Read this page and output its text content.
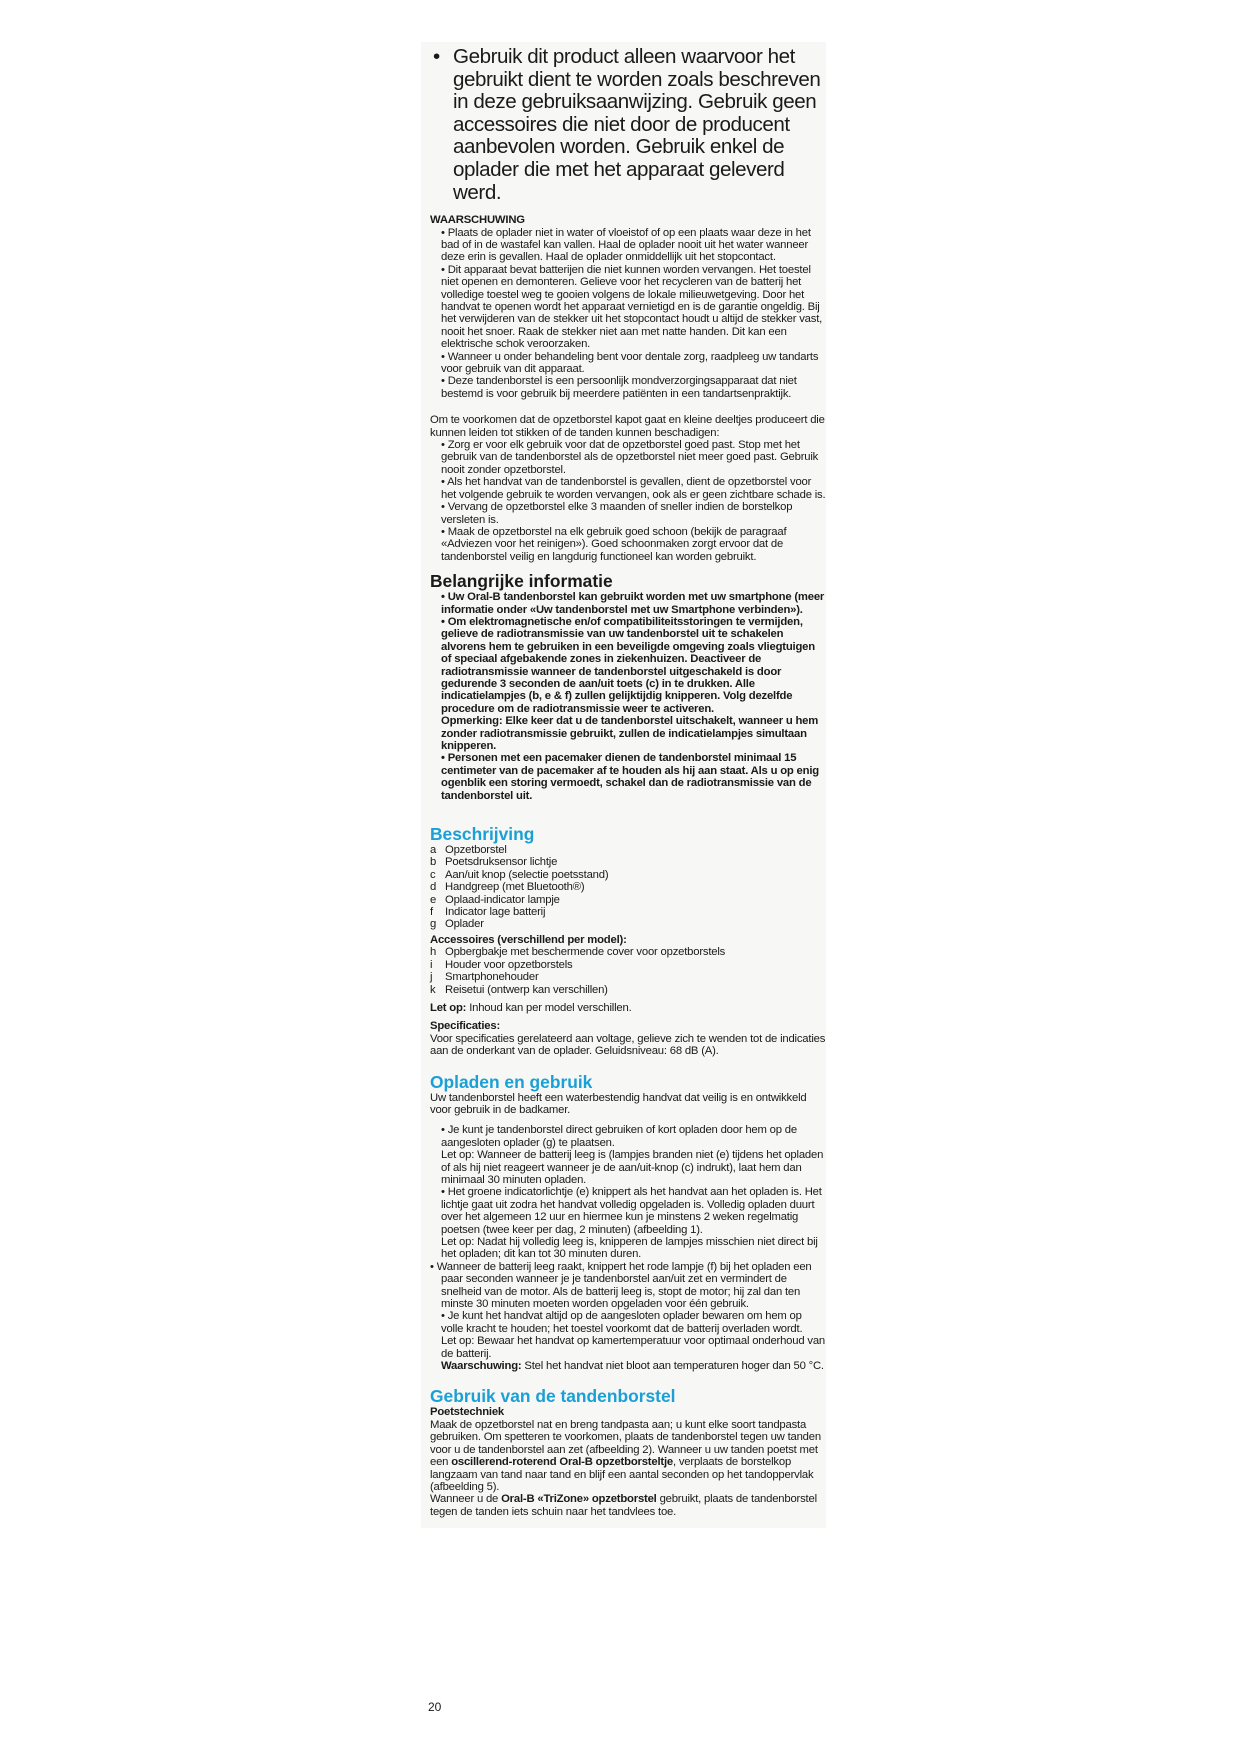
• Gebruik dit product alleen waarvoor het gebruikt dient te worden zoals beschreven in deze gebruiksaanwijzing. Gebruik geen accessoires die niet door de producent aanbevolen worden. Gebruik enkel de oplader die met het apparaat geleverd werd.
WAARSCHUWING

• Plaats de oplader niet in water of vloeistof of op een plaats waar deze in het bad of in de wastafel kan vallen. Haal de oplader nooit uit het water wanneer deze erin is gevallen. Haal de oplader onmiddellijk uit het stopcontact.

• Dit apparaat bevat batterijen die niet kunnen worden vervangen. Het toestel niet openen en demonteren. Gelieve voor het recycleren van de batterij het volledige toestel weg te gooien volgens de lokale milieuwetgeving. Door het handvat te openen wordt het apparaat vernietigd en is de garantie ongeldig. Bij het verwijderen van de stekker uit het stopcontact houdt u altijd de stekker vast, nooit het snoer. Raak de stekker niet aan met natte handen. Dit kan een elektrische schok veroorzaken.

• Wanneer u onder behandeling bent voor dentale zorg, raadpleeg uw tandarts voor gebruik van dit apparaat.

• Deze tandenborstel is een persoonlijk mondverzorgingsapparaat dat niet bestemd is voor gebruik bij meerdere patiënten in een tandartsenpraktijk.

Om te voorkomen dat de opzetborstel kapot gaat en kleine deeltjes produceert die kunnen leiden tot stikken of de tanden kunnen beschadigen:

• Zorg er voor elk gebruik voor dat de opzetborstel goed past. Stop met het gebruik van de tandenborstel als de opzetborstel niet meer goed past. Gebruik nooit zonder opzetborstel.

• Als het handvat van de tandenborstel is gevallen, dient de opzetborstel voor het volgende gebruik te worden vervangen, ook als er geen zichtbare schade is.

• Vervang de opzetborstel elke 3 maanden of sneller indien de borstelkop versleten is.

• Maak de opzetborstel na elk gebruik goed schoon (bekijk de paragraaf «Adviezen voor het reinigen»). Goed schoonmaken zorgt ervoor dat de tandenborstel veilig en langdurig functioneel kan worden gebruikt.

Belangrijke informatie

• Uw Oral-B tandenborstel kan gebruikt worden met uw smartphone (meer informatie onder «Uw tandenborstel met uw Smartphone verbinden»).

• Om elektromagnetische en/of compatibiliteitsstoringen te vermijden, gelieve de radiotransmissie van uw tandenborstel uit te schakelen alvorens hem te gebruiken in een beveiligde omgeving zoals vliegtuigen of speciaal afgebakende zones in ziekenhuizen. Deactiveer de radiotransmissie wanneer de tandenborstel uitgeschakeld is door gedurende 3 seconden de aan/uit toets (c) in te drukken. Alle indicatielampjes (b, e & f) zullen gelijktijdig knipperen. Volg dezelfde procedure om de radiotransmissie weer te activeren.

Opmerking: Elke keer dat u de tandenborstel uitschakelt, wanneer u hem zonder radiotransmissie gebruikt, zullen de indicatielampjes simultaan knipperen.

• Personen met een pacemaker dienen de tandenborstel minimaal 15 centimeter van de pacemaker af te houden als hij aan staat. Als u op enig ogenblik een storing vermoedt, schakel dan de radiotransmissie van de tandenborstel uit.

Beschrijving
a Opzetborstel
b Poetsdruksensor lichtje
c Aan/uit knop (selectie poetsstand)
d Handgreep (met Bluetooth®)
e Oplaad-indicator lampje
f	Indicator lage batterij
g Oplader
Accessoires (verschillend per model):
h Opbergbakje met beschermende cover voor opzetborstels
i	Houder voor opzetborstels
j	Smartphonehouder
k Reisetui (ontwerp kan verschillen)

Let op: Inhoud kan per model verschillen.

Specificaties:

Voor specificaties gerelateerd aan voltage, gelieve zich te wenden tot de indicaties aan de onderkant van de oplader. Geluidsniveau: 68 dB (A).

Opladen en gebruik

Uw tandenborstel heeft een waterbestendig handvat dat veilig is en ontwikkeld voor gebruik in de badkamer.

• Je kunt je tandenborstel direct gebruiken of kort opladen door hem op de aangesloten oplader (g) te plaatsen.

Let op: Wanneer de batterij leeg is (lampjes branden niet (e) tijdens het opladen of als hij niet reageert wanneer je de aan/uit-knop (c) indrukt), laat hem dan minimaal 30 minuten opladen.

• Het groene indicatorlichtje (e) knippert als het handvat aan het opladen is. Het lichtje gaat uit zodra het handvat volledig opgeladen is. Volledig opladen duurt over het algemeen 12 uur en hiermee kun je minstens 2 weken regelmatig poetsen (twee keer per dag, 2 minuten) (afbeelding 1).

Let op: Nadat hij volledig leeg is, knipperen de lampjes misschien niet direct bij het opladen; dit kan tot 30 minuten duren.

• Wanneer de batterij leeg raakt, knippert het rode lampje (f) bij het opladen een paar seconden wanneer je je tandenborstel aan/uit zet en vermindert de snelheid van de motor. Als de batterij leeg is, stopt de motor; hij zal dan ten minste 30 minuten moeten worden opgeladen voor één gebruik.

• Je kunt het handvat altijd op de aangesloten oplader bewaren om hem op volle kracht te houden; het toestel voorkomt dat de batterij overladen wordt.

Let op: Bewaar het handvat op kamertemperatuur voor optimaal onderhoud van de batterij.

Waarschuwing: Stel het handvat niet bloot aan temperaturen hoger dan 50 °C.

Gebruik van de tandenborstel
Poetstechniek

Maak de opzetborstel nat en breng tandpasta aan; u kunt elke soort tandpasta gebruiken. Om spetteren te voorkomen, plaats de tandenborstel tegen uw tanden voor u de tandenborstel aan zet (afbeelding 2). Wanneer u uw tanden poetst met een oscillerend-roterend Oral-B opzetborsteltje, verplaats de borstelkop langzaam van tand naar tand en blijf een aantal seconden op het tandoppervlak (afbeelding 5).

Wanneer u de Oral-B «TriZone» opzetborstel gebruikt, plaats de tandenborstel tegen de tanden iets schuin naar het tandvlees toe.

20
